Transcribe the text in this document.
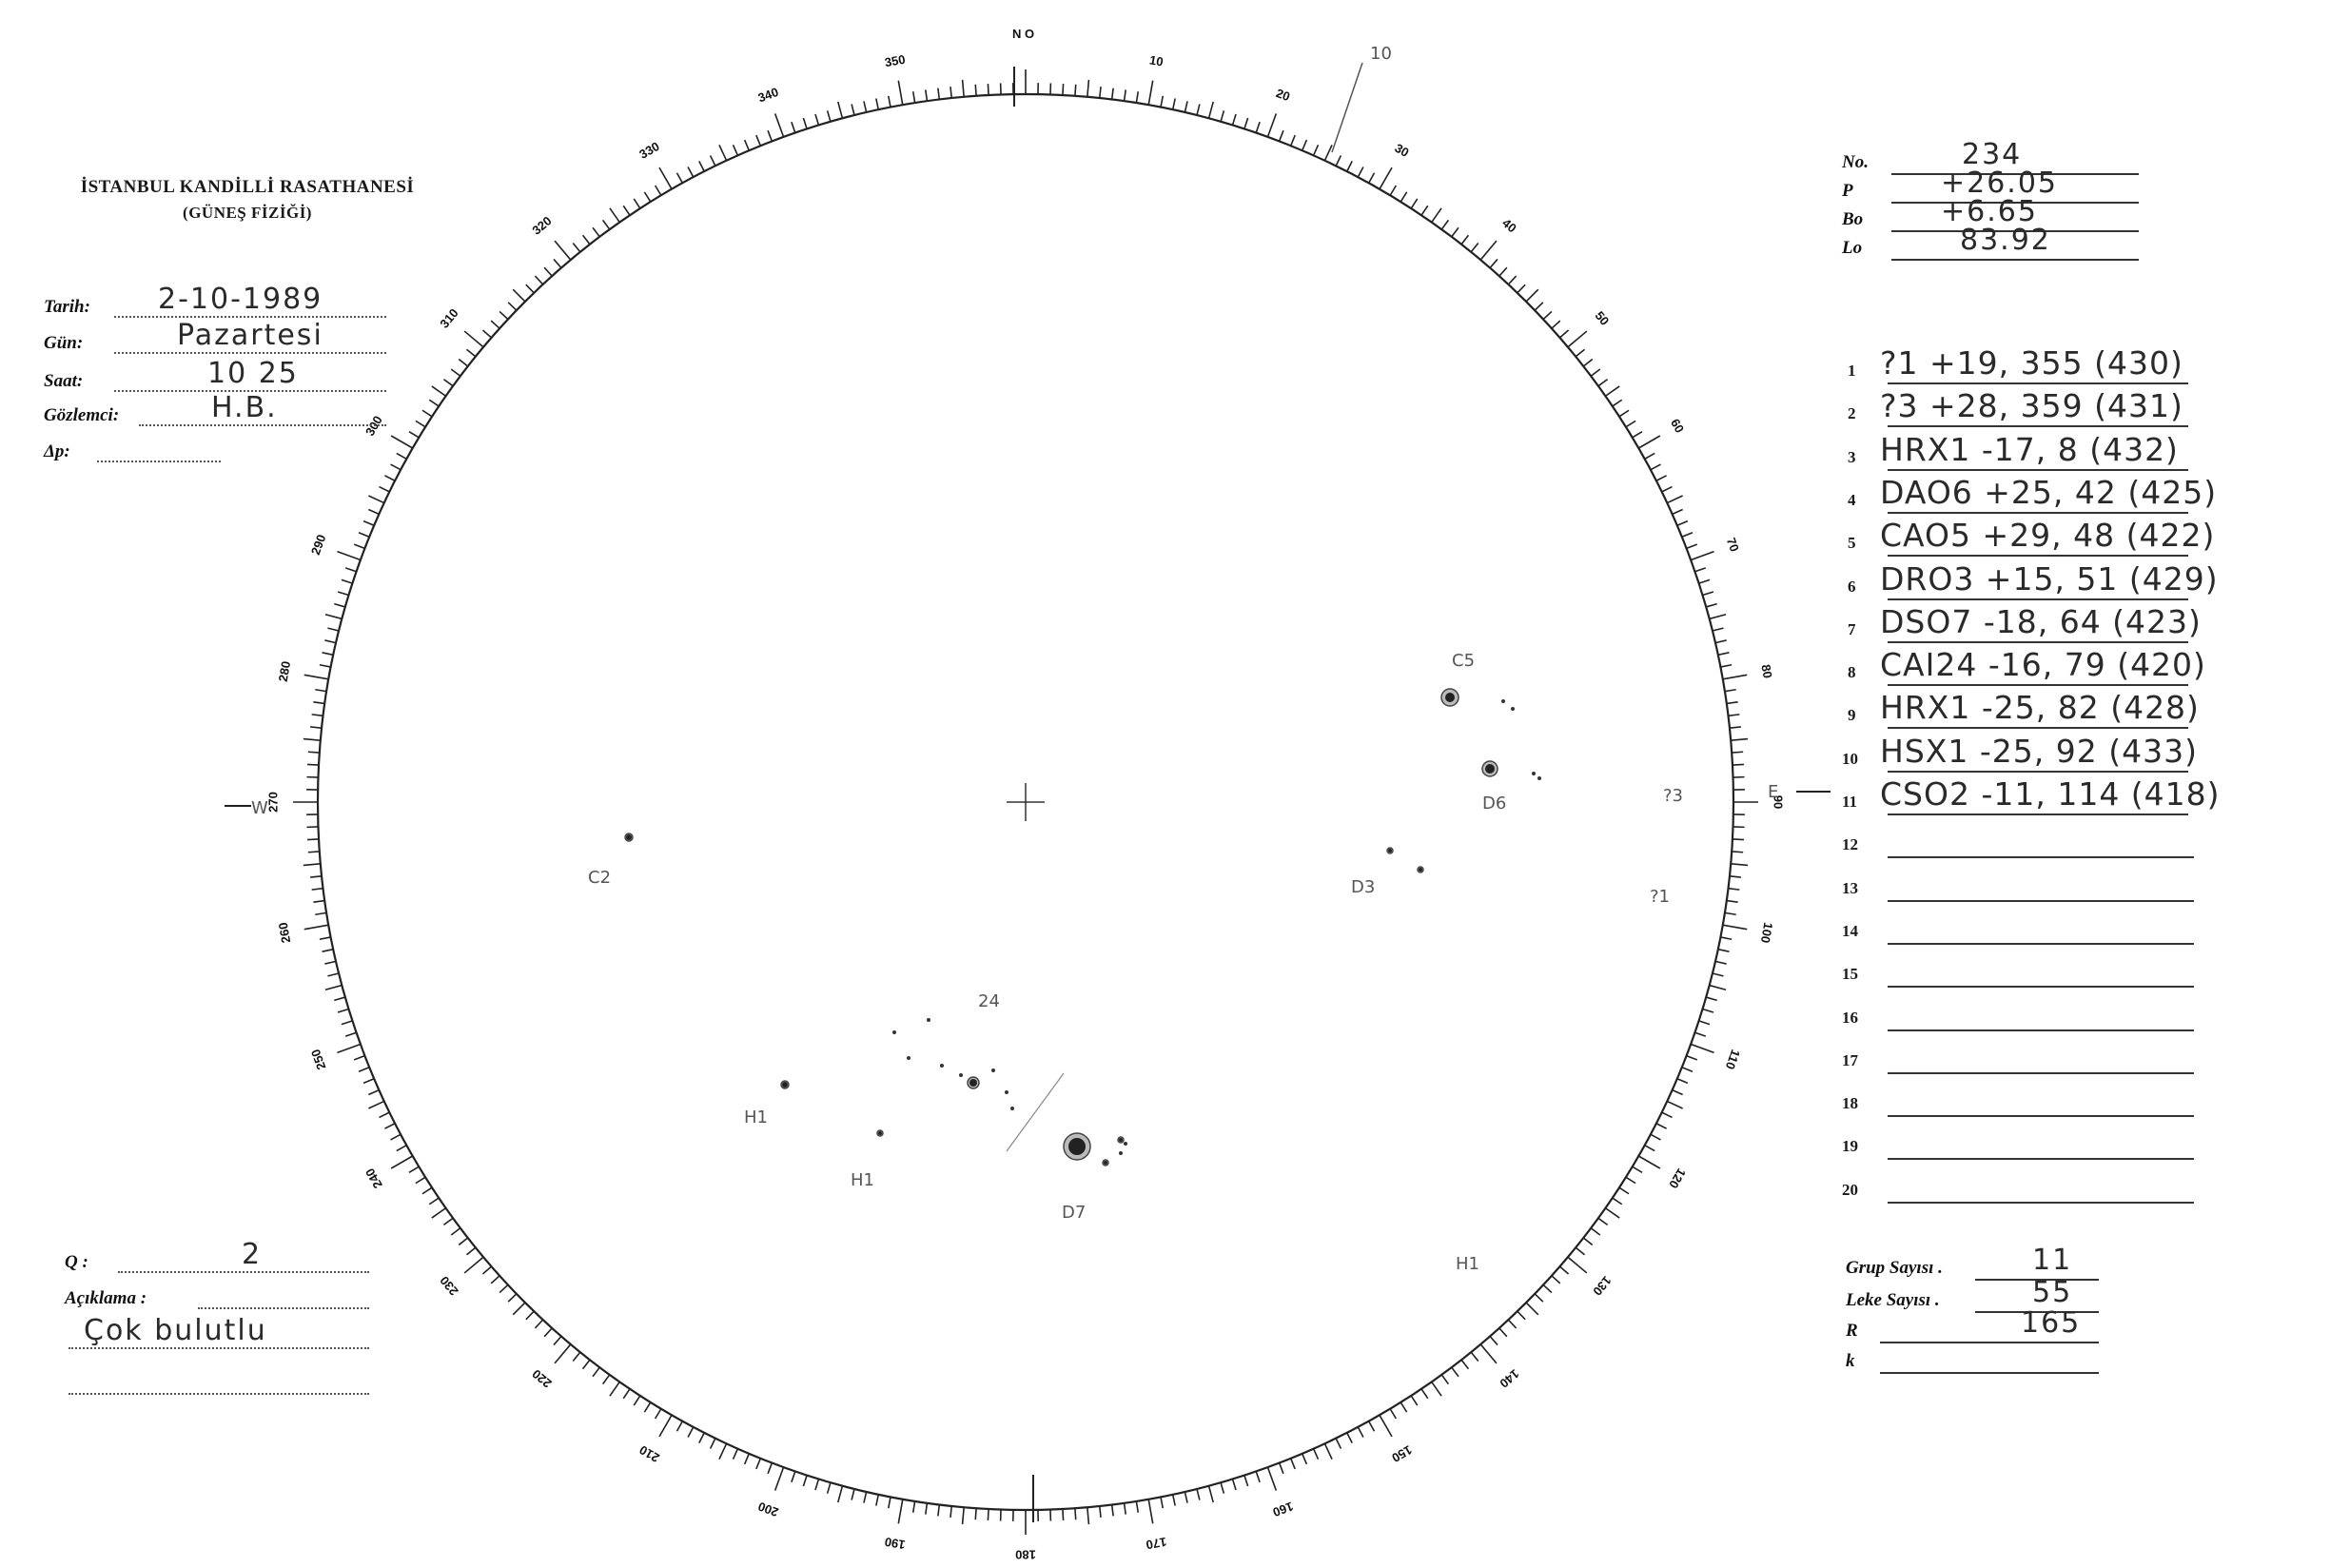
10
20
30
40
50
60
70
80
90
100
110
120
130
140
150
160
170
180
190
200
210
220
230
240
250
260
270
280
290
300
310
320
330
340
350
N O
W
E
10
C5
D6
D3
?3
?1
C2
24
H1
H1
D7
H1
İSTANBUL KANDİLLİ RASATHANESİ
(GÜNEŞ FİZİĞİ)
Tarih: 2-10-1989
Gün:	Pazartesi
Saat:	10 25
Gözlemci:	H.B.
Δp:
Q :	2
Açıklama :
Çok bulutlu
No.	234
P	+26.05
Bo	+6.65
Lo	83.92
1 ?1 +19, 355 (430)
2 ?3 +28, 359 (431)
3 HRX1 -17, 8 (432)
4 DAO6 +25, 42 (425)
5 CAO5 +29, 48 (422)
6 DRO3 +15, 51 (429)
7 DSO7 -18, 64 (423)
8 CAI24 -16, 79 (420)
9 HRX1 -25, 82 (428)
10 HSX1 -25, 92 (433)
11 CSO2 -11, 114 (418)
12
13
14
15
16
17
18
19
20
Grup Sayısı .	11
Leke Sayısı .	55
R	165
k
